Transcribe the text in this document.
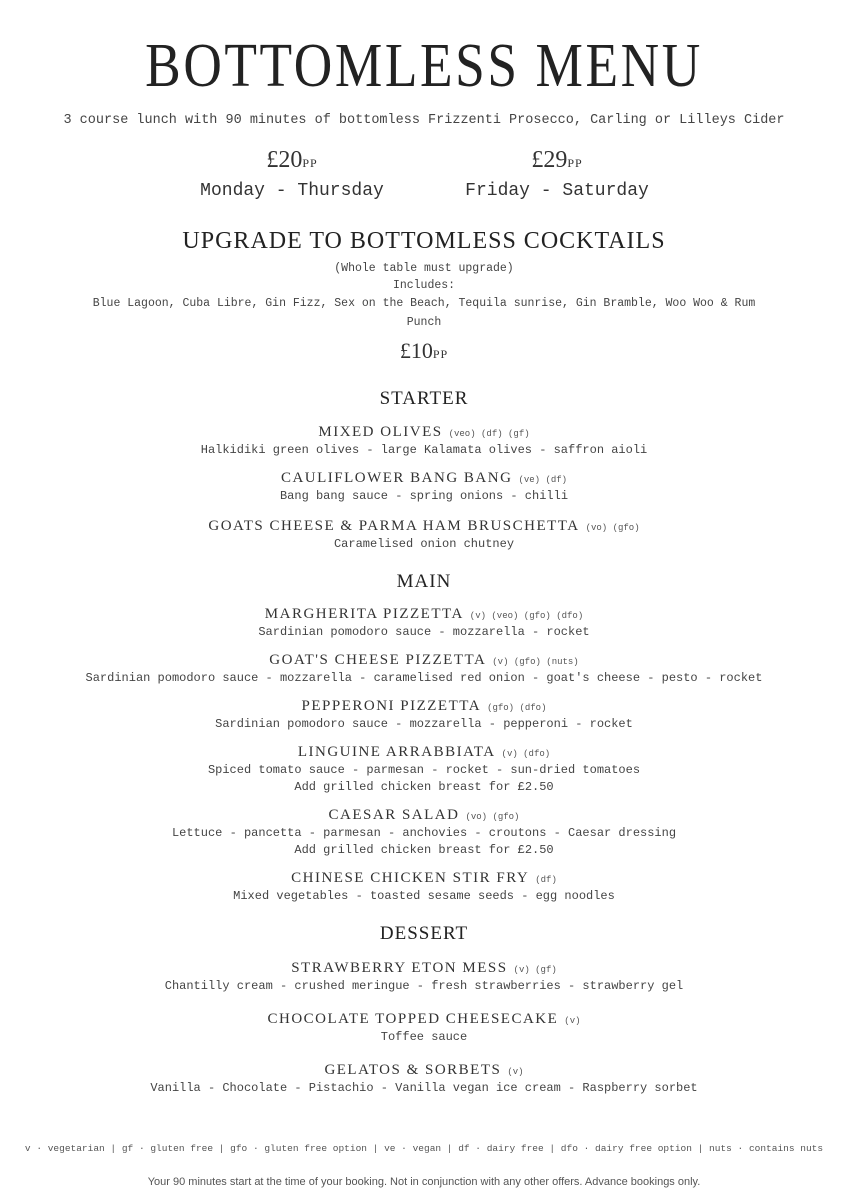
BOTTOMLESS MENU
3 course lunch with 90 minutes of bottomless Frizzenti Prosecco, Carling or Lilleys Cider
£20PP
Monday - Thursday
£29PP
Friday - Saturday
UPGRADE TO BOTTOMLESS COCKTAILS
(Whole table must upgrade)
Includes:
Blue Lagoon, Cuba Libre, Gin Fizz, Sex on the Beach, Tequila sunrise, Gin Bramble, Woo Woo & Rum Punch
£10PP
STARTER
MIXED OLIVES (veo) (df) (gf)
Halkidiki green olives - large Kalamata olives - saffron aioli
CAULIFLOWER BANG BANG (ve) (df)
Bang bang sauce - spring onions - chilli
GOATS CHEESE & PARMA HAM BRUSCHETTA (vo) (gfo)
Caramelised onion chutney
MAIN
MARGHERITA PIZZETTA (v) (veo) (gfo) (dfo)
Sardinian pomodoro sauce - mozzarella - rocket
GOAT'S CHEESE PIZZETTA (v) (gfo) (nuts)
Sardinian pomodoro sauce - mozzarella - caramelised red onion - goat's cheese - pesto - rocket
PEPPERONI PIZZETTA (gfo) (dfo)
Sardinian pomodoro sauce - mozzarella - pepperoni - rocket
LINGUINE ARRABBIATA (v) (dfo)
Spiced tomato sauce - parmesan - rocket - sun-dried tomatoes
Add grilled chicken breast for £2.50
CAESAR SALAD (vo) (gfo)
Lettuce - pancetta - parmesan - anchovies - croutons - Caesar dressing
Add grilled chicken breast for £2.50
CHINESE CHICKEN STIR FRY (df)
Mixed vegetables - toasted sesame seeds - egg noodles
DESSERT
STRAWBERRY ETON MESS (v) (gf)
Chantilly cream - crushed meringue - fresh strawberries - strawberry gel
CHOCOLATE TOPPED CHEESECAKE (v)
Toffee sauce
GELATOS & SORBETS (v)
Vanilla - Chocolate - Pistachio - Vanilla vegan ice cream - Raspberry sorbet
v · vegetarian | gf · gluten free | gfo · gluten free option | ve · vegan | df · dairy free | dfo · dairy free option | nuts · contains nuts
Your 90 minutes start at the time of your booking. Not in conjunction with any other offers. Advance bookings only.
